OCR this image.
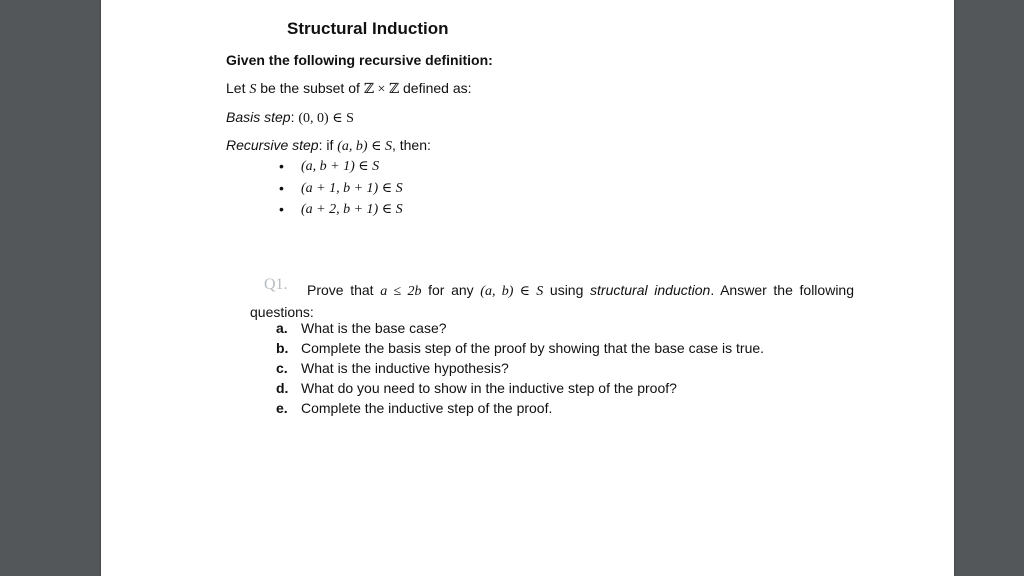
Structural Induction
Given the following recursive definition:
Let S be the subset of ℤ × ℤ defined as:
Basis step: (0, 0) ∈ S
Recursive step: if (a, b) ∈ S, then:
• (a, b + 1) ∈ S
• (a + 1, b + 1) ∈ S
• (a + 2, b + 1) ∈ S
Q1.	Prove that a ≤ 2b for any (a, b) ∈ S using structural induction. Answer the following questions:
a. What is the base case?
b. Complete the basis step of the proof by showing that the base case is true.
c. What is the inductive hypothesis?
d. What do you need to show in the inductive step of the proof?
e. Complete the inductive step of the proof.
